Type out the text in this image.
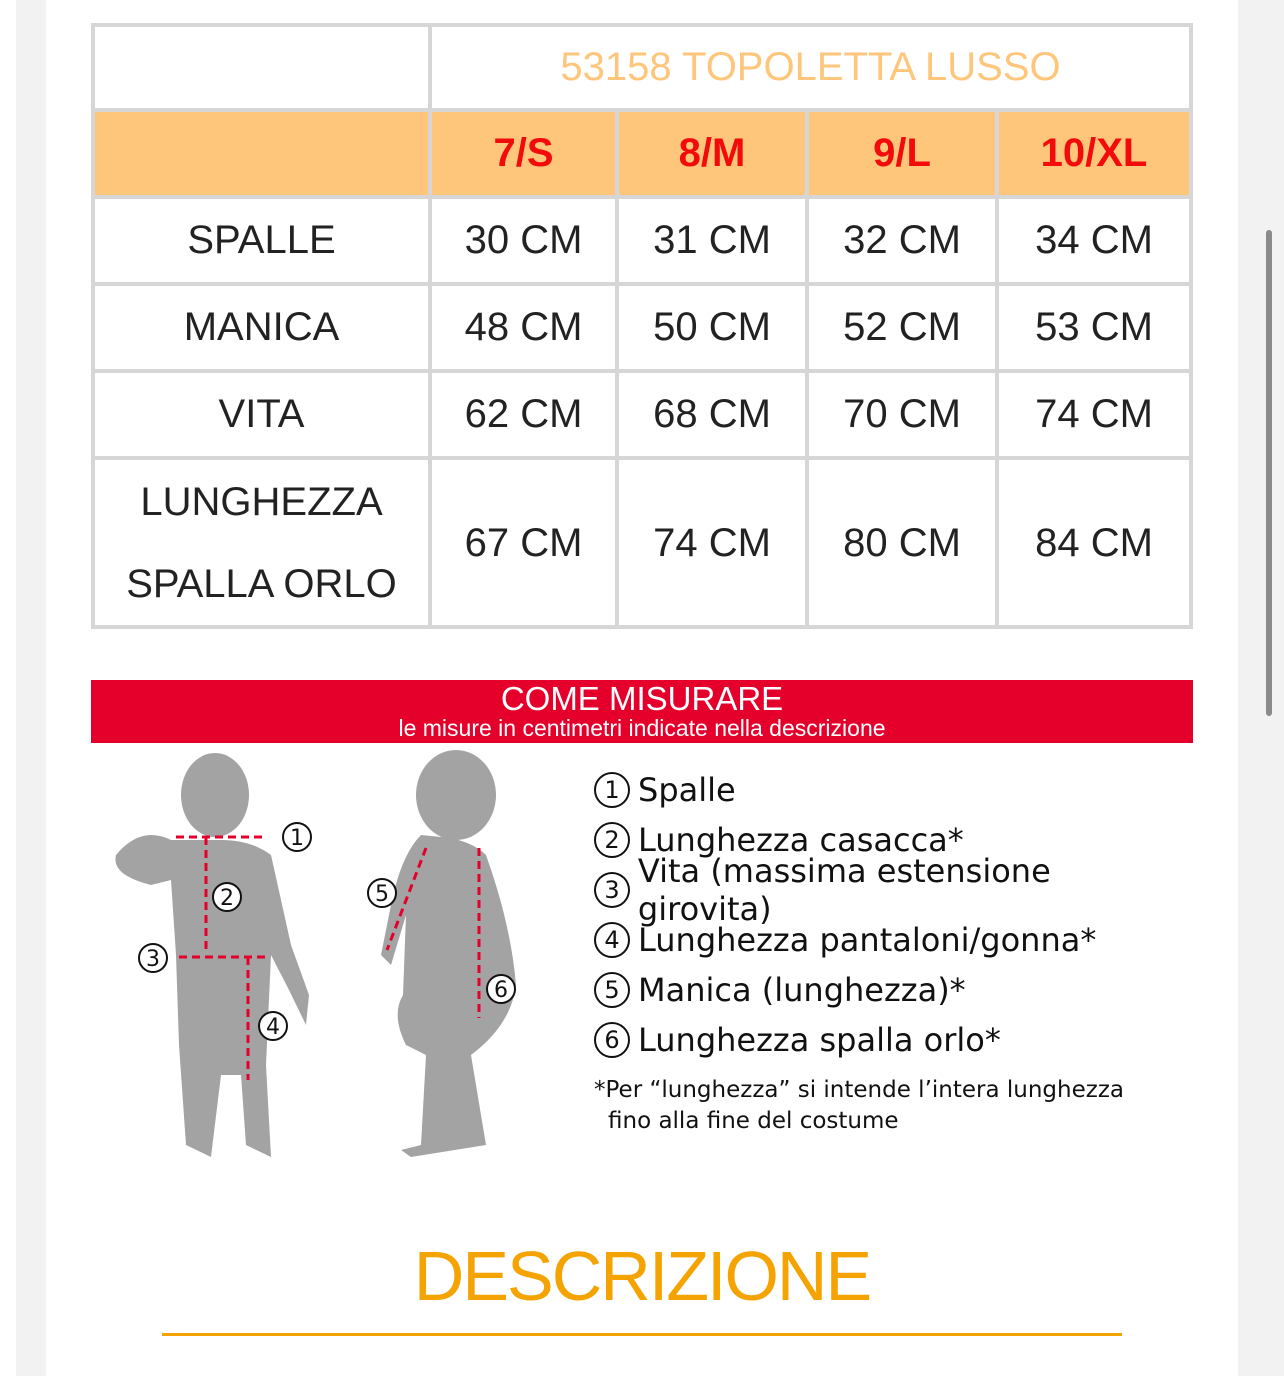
	53158 TOPOLETTA LUSSO			
	7/S	8/M	9/L	10/XL
SPALLE	30 CM	31 CM	32 CM	34 CM
MANICA	48 CM	50 CM	52 CM	53 CM
VITA	62 CM	68 CM	70 CM	74 CM

LUNGHEZZA
SPALLA ORLO	67 CM	74 CM	80 CM	84 CM
COME MISURARE
le misure in centimetri indicate nella descrizione
1
2
3
4
5
6
1 Spalle
2 Lunghezza casacca*
3 Vita (massima estensione girovita)
4 Lunghezza pantaloni/gonna*
5 Manica (lunghezza)*
6 Lunghezza spalla orlo*
*Per “lunghezza” si intende l’intera lunghezza
fino alla fine del costume
DESCRIZIONE
